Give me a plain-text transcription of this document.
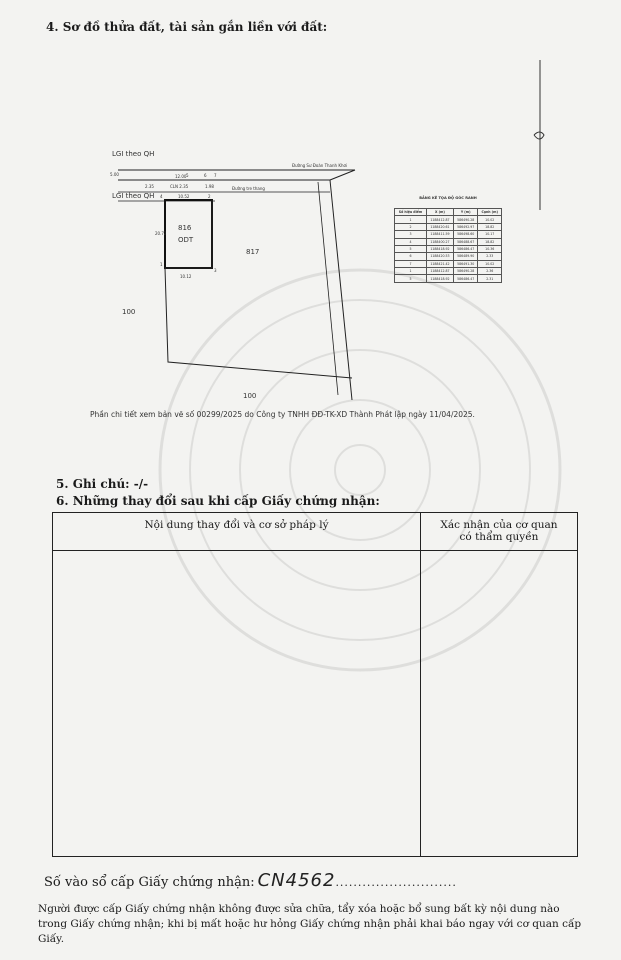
4. Sơ đồ thửa đất, tài sản gắn liền với đất:
LGI theo QH
LGI theo QH
Đường Sư Đoàn Thanh Khơi
Đường tre thang
12.00
5.00
2.35	CLN 2.35	1.98
10.52
20.72
10.12
816
ODT
817
100
100
1
2
3
4
5	6 7
BẢNG KÊ TỌA ĐỘ GÓC RANH
Số hiệu điểm	X (m)	Y (m)	Cạnh (m)
1	1188412.87	586490.28	10.02
2	1188420.61	586492.97	18.82
3	1188411.59	586498.60	10.17
4	1188400.27	586488.67	18.82
5	1188418.92	586486.47	10.36
6	1188420.53	586489.90	2.33
7	1188421.42	586491.30	10.02
1	1188412.87	586490.28	2.36
5	1188418.92	586486.47	2.31
Phần chi tiết xem bản vẽ số 00299/2025 do Công ty TNHH ĐĐ-TK-XD Thành Phát lập ngày 11/04/2025.
5. Ghi chú: -/-
6. Những thay đổi sau khi cấp Giấy chứng nhận:
Nội dung thay đổi và cơ sở pháp lý	Xác nhận của cơ quan
có thẩm quyền

Số vào sổ cấp Giấy chứng nhận: CN4562...........................
Người được cấp Giấy chứng nhận không được sửa chữa, tẩy xóa hoặc bổ sung bất kỳ nội dung nào trong Giấy chứng nhận; khi bị mất hoặc hư hỏng Giấy chứng nhận phải khai báo ngay với cơ quan cấp Giấy.
